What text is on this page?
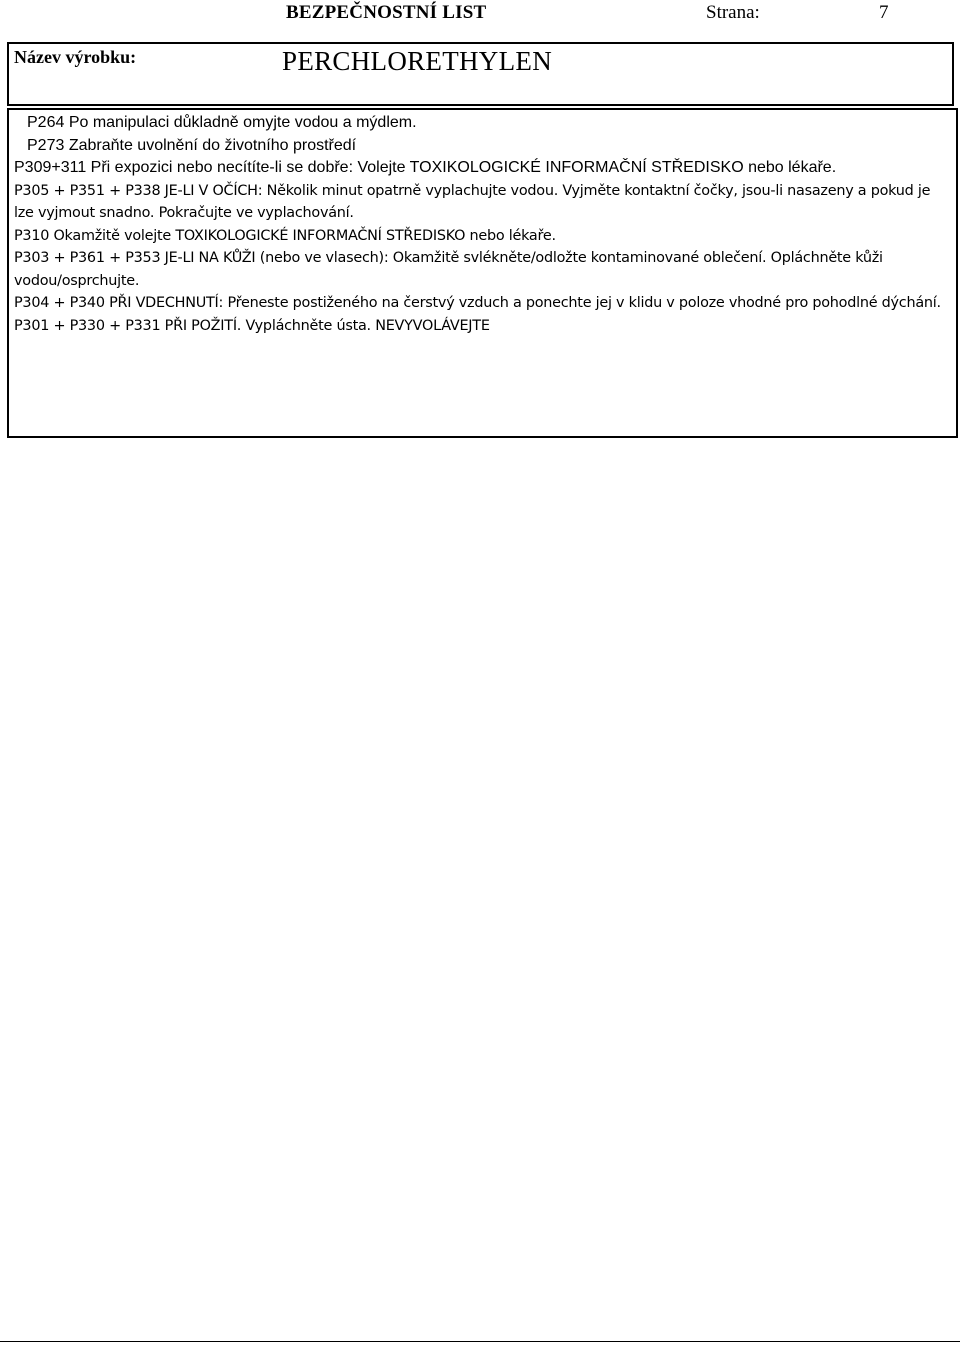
BEZPEČNOSTNÍ LIST	Strana:	7
Název výrobku:	PERCHLORETHYLEN
P264 Po manipulaci důkladně omyjte vodou a mýdlem.
P273 Zabraňte uvolnění do životního prostředí
P309+311 Při expozici nebo necítíte-li se dobře: Volejte TOXIKOLOGICKÉ INFORMAČNÍ STŘEDISKO nebo lékaře.
P305 + P351 + P338 JE-LI V OČÍCH: Několik minut opatrně vyplachujte vodou. Vyjměte kontaktní čočky, jsou-li nasazeny a pokud je lze vyjmout snadno. Pokračujte ve vyplachování.
P310 Okamžitě volejte TOXIKOLOGICKÉ INFORMAČNÍ STŘEDISKO nebo lékaře.
P303 + P361 + P353 JE-LI NA KŮŽI (nebo ve vlasech): Okamžitě svlékněte/odložte kontaminované oblečení. Opláchněte kůži vodou/osprchujte.
P304 + P340 PŘI VDECHNUTÍ: Přeneste postiženého na čerstvý vzduch a ponechte jej v klidu v poloze vhodné pro pohodlné dýchání.
P301 + P330 + P331 PŘI POŽITÍ. Vypláchněte ústa. NEVYVOLÁVEJTE
